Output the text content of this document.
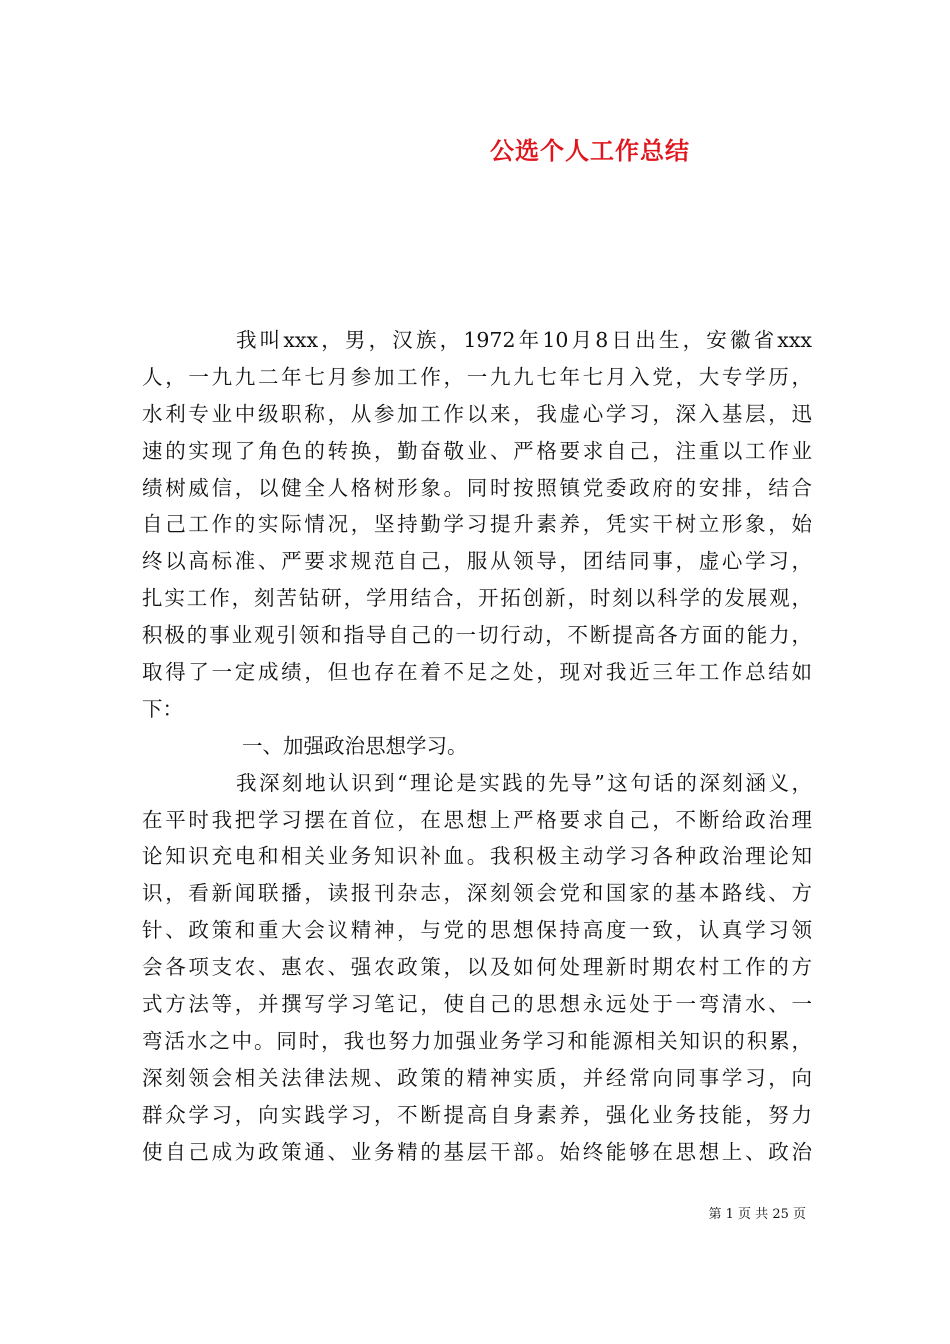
公选个人工作总结
我叫xxx，男，汉族，1972年10月8日出生，安徽省xxx
人，一九九二年七月参加工作，一九九七年七月入党，大专学历，
水利专业中级职称，从参加工作以来，我虚心学习，深入基层，迅
速的实现了角色的转换，勤奋敬业、严格要求自己，注重以工作业
绩树威信，以健全人格树形象。同时按照镇党委政府的安排，结合
自己工作的实际情况，坚持勤学习提升素养，凭实干树立形象，始
终以高标准、严要求规范自己，服从领导，团结同事，虚心学习，
扎实工作，刻苦钻研，学用结合，开拓创新，时刻以科学的发展观，
积极的事业观引领和指导自己的一切行动，不断提高各方面的能力，
取得了一定成绩，但也存在着不足之处，现对我近三年工作总结如
下：
一、加强政治思想学习。
我深刻地认识到“理论是实践的先导”这句话的深刻涵义，
在平时我把学习摆在首位，在思想上严格要求自己，不断给政治理
论知识充电和相关业务知识补血。我积极主动学习各种政治理论知
识，看新闻联播，读报刊杂志，深刻领会党和国家的基本路线、方
针、政策和重大会议精神，与党的思想保持高度一致，认真学习领
会各项支农、惠农、强农政策，以及如何处理新时期农村工作的方
式方法等，并撰写学习笔记，使自己的思想永远处于一弯清水、一
弯活水之中。同时，我也努力加强业务学习和能源相关知识的积累，
深刻领会相关法律法规、政策的精神实质，并经常向同事学习，向
群众学习，向实践学习，不断提高自身素养，强化业务技能，努力
使自己成为政策通、业务精的基层干部。始终能够在思想上、政治
第 1 页 共 25 页
